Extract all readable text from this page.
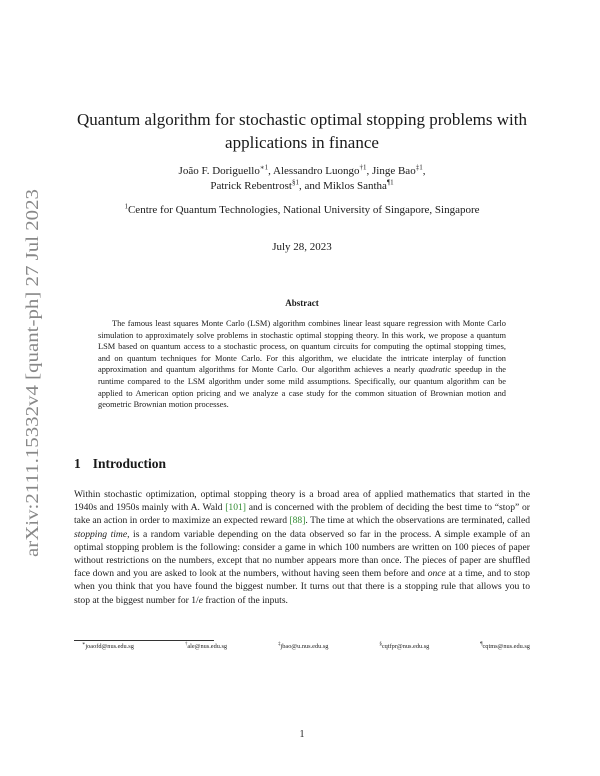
arXiv:2111.15332v4 [quant-ph] 27 Jul 2023
Quantum algorithm for stochastic optimal stopping problems with applications in finance
João F. Doriguello$^{∗1}$, Alessandro Luongo$^{\dagger 1}$, Jinge Bao$^{\ddagger 1}$,
Patrick Rebentrost$^{\S 1}$, and Miklos Santha$^{\P 1}$
$^1$Centre for Quantum Technologies, National University of Singapore, Singapore
July 28, 2023
Abstract
The famous least squares Monte Carlo (LSM) algorithm combines linear least square regression with Monte Carlo simulation to approximately solve problems in stochastic optimal stopping theory. In this work, we propose a quantum LSM based on quantum access to a stochastic process, on quantum circuits for computing the optimal stopping times, and on quantum techniques for Monte Carlo. For this algorithm, we elucidate the intricate interplay of function approximation and quantum algorithms for Monte Carlo. Our algorithm achieves a nearly quadratic speedup in the runtime compared to the LSM algorithm under some mild assumptions. Specifically, our quantum algorithm can be applied to American option pricing and we analyze a case study for the common situation of Brownian motion and geometric Brownian motion processes.
1 Introduction
Within stochastic optimization, optimal stopping theory is a broad area of applied mathematics that started in the 1940s and 1950s mainly with A. Wald [101] and is concerned with the problem of deciding the best time to “stop” or take an action in order to maximize an expected reward [88]. The time at which the observations are terminated, called stopping time, is a random variable depending on the data observed so far in the process. A simple example of an optimal stopping problem is the following: consider a game in which 100 numbers are written on 100 pieces of paper without restrictions on the numbers, except that no number appears more than once. The pieces of paper are shuffled face down and you are asked to look at the numbers, without having seen them before and once at a time, and to stop when you think that you have found the biggest number. It turns out that there is a stopping rule that allows you to stop at the biggest number for 1/e fraction of the inputs.
∗joaofd@nus.edu.sg	†ale@nus.edu.sg	‡jbao@u.nus.edu.sg	§cqtfpr@nus.edu.sg	¶cqtms@nus.edu.sg
1
